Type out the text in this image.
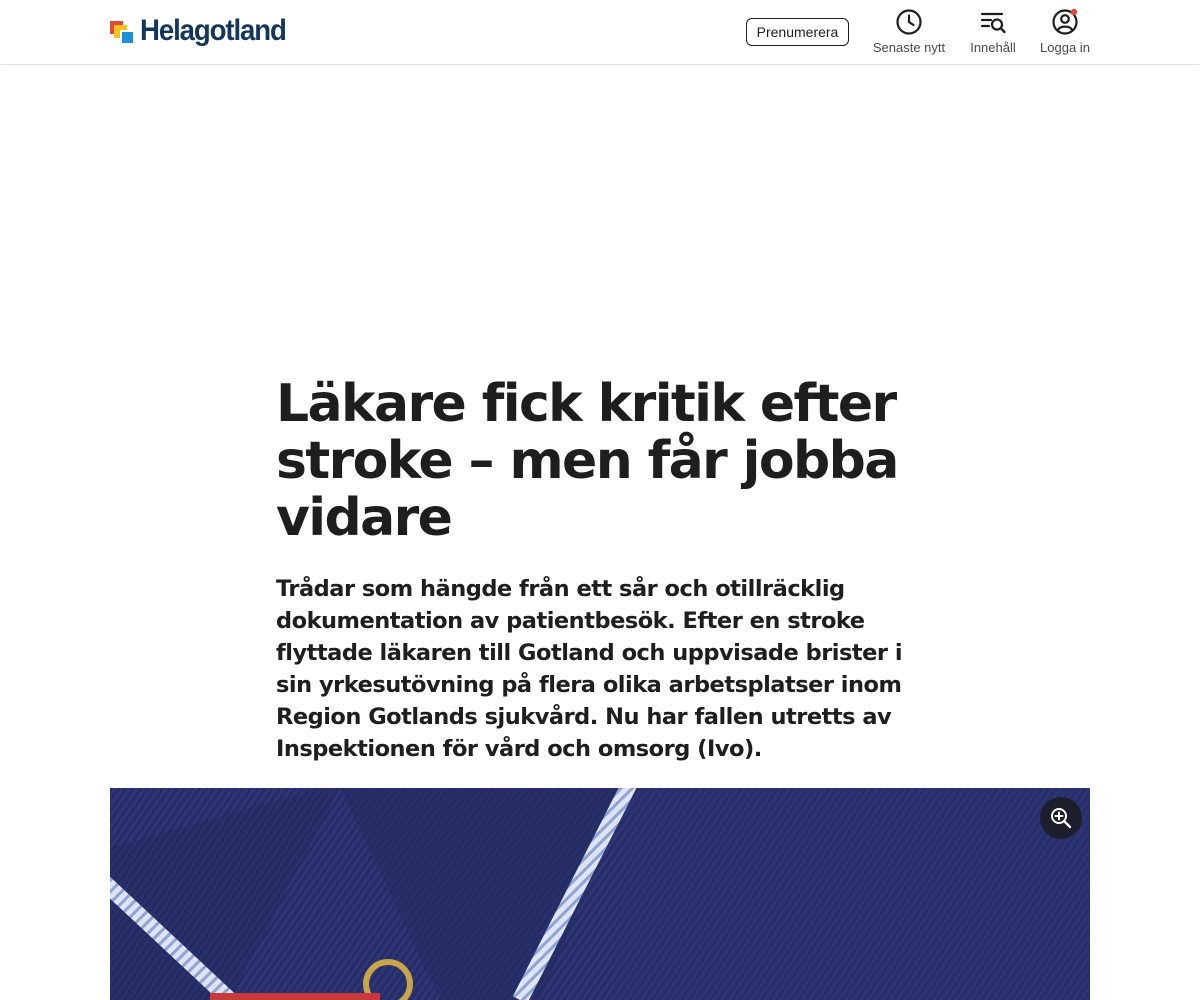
Helagotland	Prenumerera
Senaste nytt Innehåll Logga in
Läkare fick kritik efter stroke – men får jobba vidare

Trådar som hängde från ett sår och otillräcklig dokumentation av patientbesök. Efter en stroke flyttade läkaren till Gotland och uppvisade brister i sin yrkesutövning på flera olika arbetsplatser inom Region Gotlands sjukvård. Nu har fallen utretts av Inspektionen för vård och omsorg (Ivo).
